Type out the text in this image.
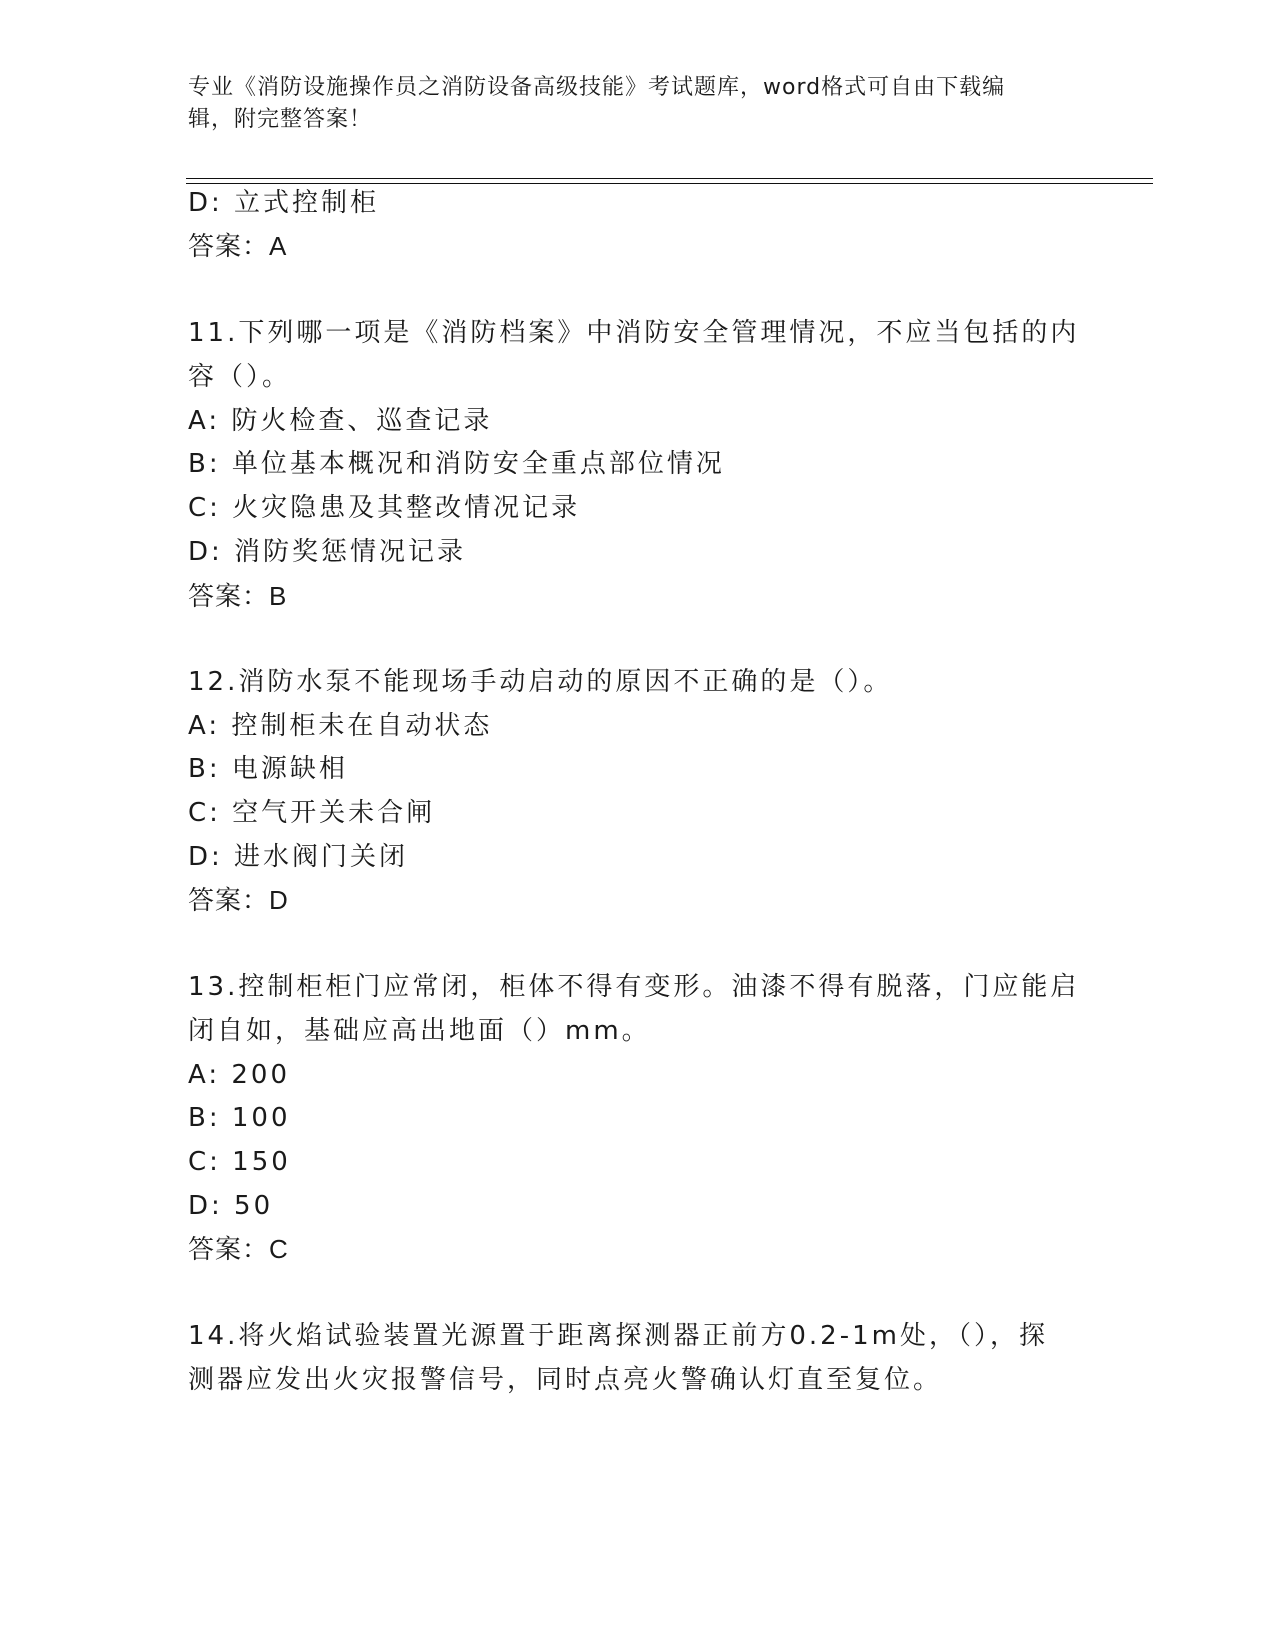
专业《消防设施操作员之消防设备高级技能》考试题库，word格式可自由下载编
辑，附完整答案！
D: 立式控制柜
答案：A
11.下列哪一项是《消防档案》中消防安全管理情况，不应当包括的内
容（）。
A: 防火检查、巡查记录
B: 单位基本概况和消防安全重点部位情况
C: 火灾隐患及其整改情况记录
D: 消防奖惩情况记录
答案：B
12.消防水泵不能现场手动启动的原因不正确的是（）。
A: 控制柜未在自动状态
B: 电源缺相
C: 空气开关未合闸
D: 进水阀门关闭
答案：D
13.控制柜柜门应常闭，柜体不得有变形。油漆不得有脱落，门应能启
闭自如，基础应高出地面（）mm。
A: 200
B: 100
C: 150
D: 50
答案：C
14.将火焰试验装置光源置于距离探测器正前方0.2-1m处，（），探
测器应发出火灾报警信号，同时点亮火警确认灯直至复位。
